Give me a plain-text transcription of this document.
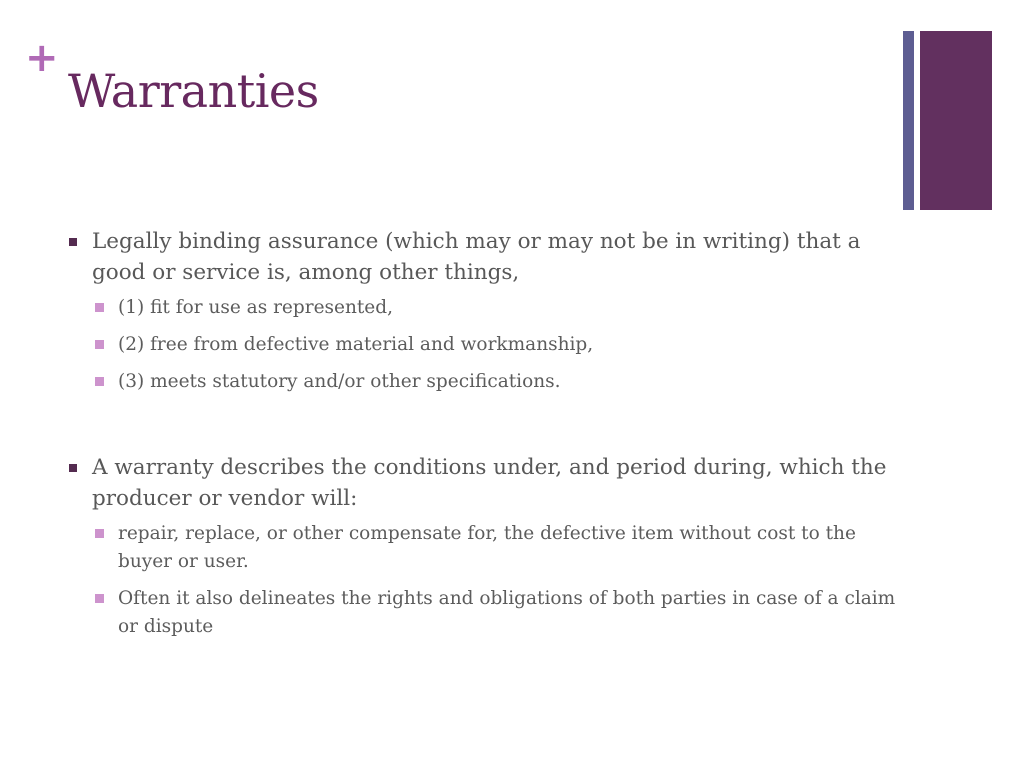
+
Warranties
Legally binding assurance (which may or may not be in writing) that a good or service is, among other things,
(1) fit for use as represented,
(2) free from defective material and workmanship,
(3) meets statutory and/or other specifications.
A warranty describes the conditions under, and period during, which the producer or vendor will:
repair, replace, or other compensate for, the defective item without cost to the buyer or user.
Often it also delineates the rights and obligations of both parties in case of a claim or dispute
